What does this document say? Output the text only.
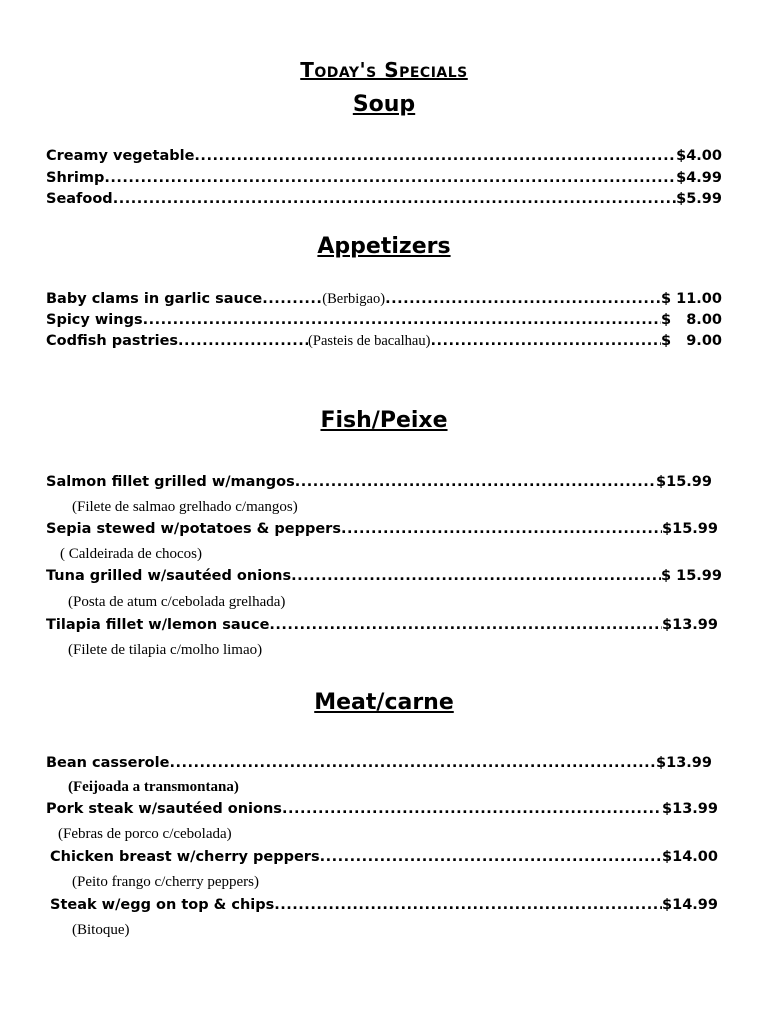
Today's Specials
Soup
Creamy vegetable .....	$4.00
Shrimp .....	$4.99
Seafood .....	$5.99
Appetizers
Baby clams in garlic sauce .....	(Berbigao) .....	$ 11.00
Spicy wings .....	$   8.00
Codfish pastries .....	(Pasteis de bacalhau) .....	$   9.00
Fish/Peixe
Salmon fillet grilled w/mangos .....	$15.99
(Filete de salmao grelhado c/mangos)
Sepia stewed w/potatoes & peppers .....	$15.99
( Caldeirada de chocos)
Tuna grilled w/sautéed onions .....	$ 15.99
(Posta de atum c/cebolada grelhada)
Tilapia fillet w/lemon sauce .....	$13.99
(Filete de tilapia c/molho limao)
Meat/carne
Bean casserole .....	$13.99
(Feijoada a transmontana)
Pork steak w/sautéed onions .....	$13.99
(Febras de porco c/cebolada)
Chicken breast w/cherry peppers .....	$14.00
(Peito frango c/cherry peppers)
Steak w/egg on top & chips .....	$14.99
(Bitoque)
